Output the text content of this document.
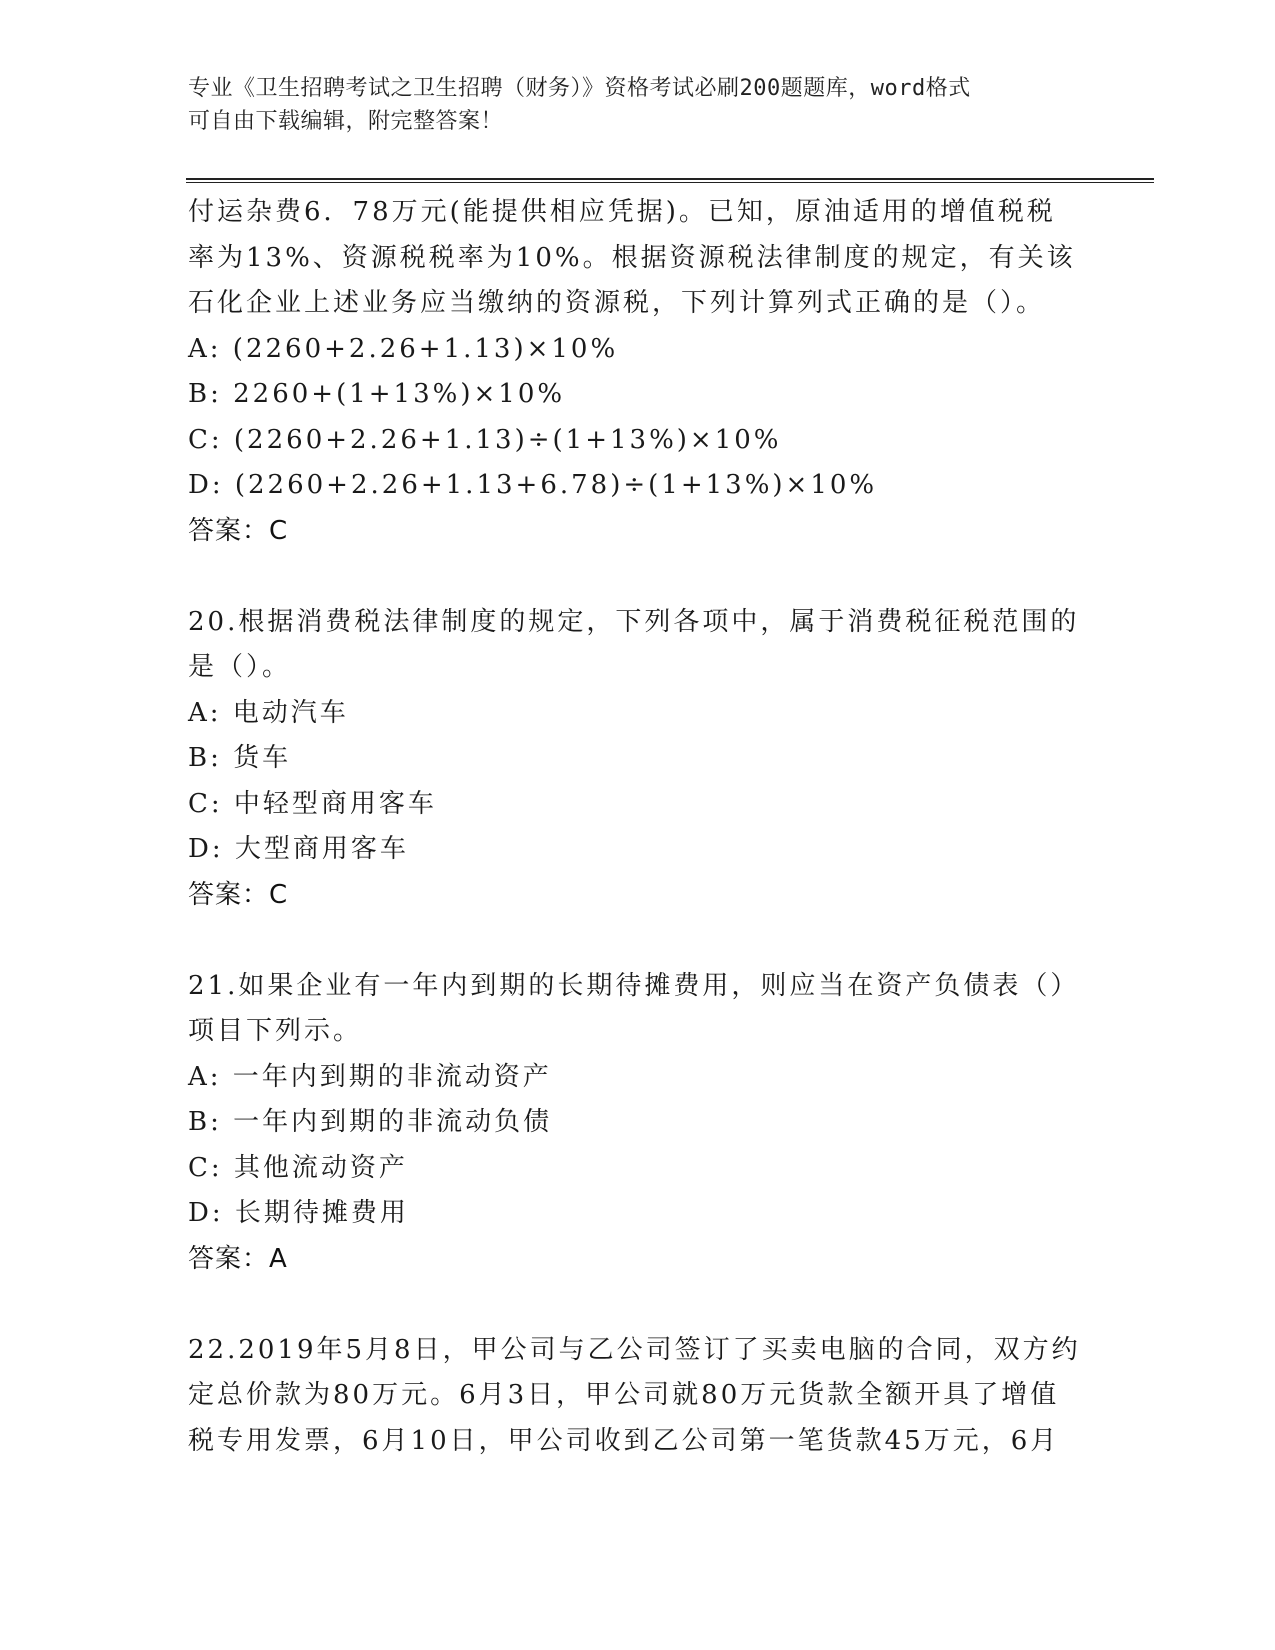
专业《卫生招聘考试之卫生招聘（财务）》资格考试必刷200题题库，word格式
可自由下载编辑，附完整答案！
付运杂费6．78万元(能提供相应凭据)。已知，原油适用的增值税税
率为13%、资源税税率为10%。根据资源税法律制度的规定，有关该
石化企业上述业务应当缴纳的资源税，下列计算列式正确的是（）。
A: (2260+2.26+1.13)×10%
B: 2260+(1+13%)×10%
C: (2260+2.26+1.13)÷(1+13%)×10%
D: (2260+2.26+1.13+6.78)÷(1+13%)×10%
答案：C
20.根据消费税法律制度的规定，下列各项中，属于消费税征税范围的
是（）。
A: 电动汽车
B: 货车
C: 中轻型商用客车
D: 大型商用客车
答案：C
21.如果企业有一年内到期的长期待摊费用，则应当在资产负债表（）
项目下列示。
A: 一年内到期的非流动资产
B: 一年内到期的非流动负债
C: 其他流动资产
D: 长期待摊费用
答案：A
22.2019年5月8日，甲公司与乙公司签订了买卖电脑的合同，双方约
定总价款为80万元。6月3日，甲公司就80万元货款全额开具了增值
税专用发票，6月10日，甲公司收到乙公司第一笔货款45万元，6月
